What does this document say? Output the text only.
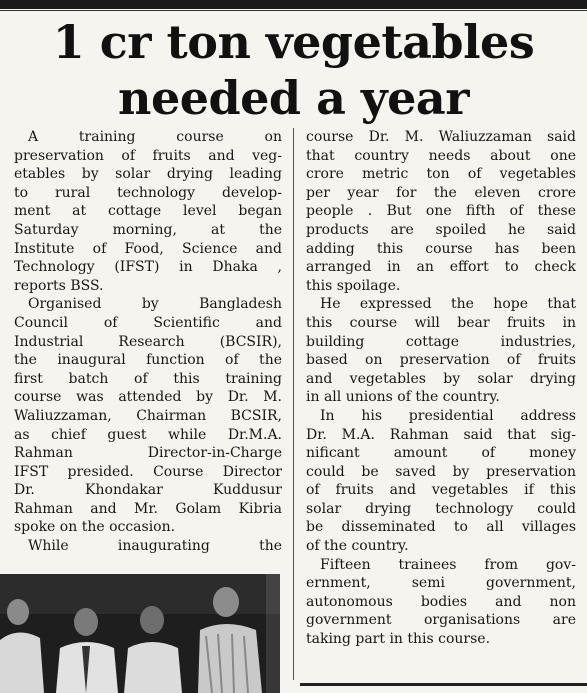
1 cr ton vegetables
needed a year
A training course on
preservation of fruits and veg-
etables by solar drying leading
to rural technology develop-
ment at cottage level began
Saturday morning, at the
Institute of Food, Science and
Technology (IFST) in Dhaka ,
reports BSS.
Organised by Bangladesh
Council of Scientific and
Industrial Research (BCSIR),
the inaugural function of the
first batch of this training
course was attended by Dr. M.
Waliuzzaman, Chairman BCSIR,
as chief guest while Dr.M.A.
Rahman Director-in-Charge
IFST presided. Course Director
Dr. Khondakar Kuddusur
Rahman and Mr. Golam Kibria
spoke on the occasion.
While inaugurating the
course Dr. M. Waliuzzaman said
that country needs about one
crore metric ton of vegetables
per year for the eleven crore
people . But one fifth of these
products are spoiled he said
adding this course has been
arranged in an effort to check
this spoilage.
He expressed the hope that
this course will bear fruits in
building cottage industries,
based on preservation of fruits
and vegetables by solar drying
in all unions of the country.
In his presidential address
Dr. M.A. Rahman said that sig-
nificant amount of money
could be saved by preservation
of fruits and vegetables if this
solar drying technology could
be disseminated to all villages
of the country.
Fifteen trainees from gov-
ernment, semi government,
autonomous bodies and non
government organisations are
taking part in this course.
